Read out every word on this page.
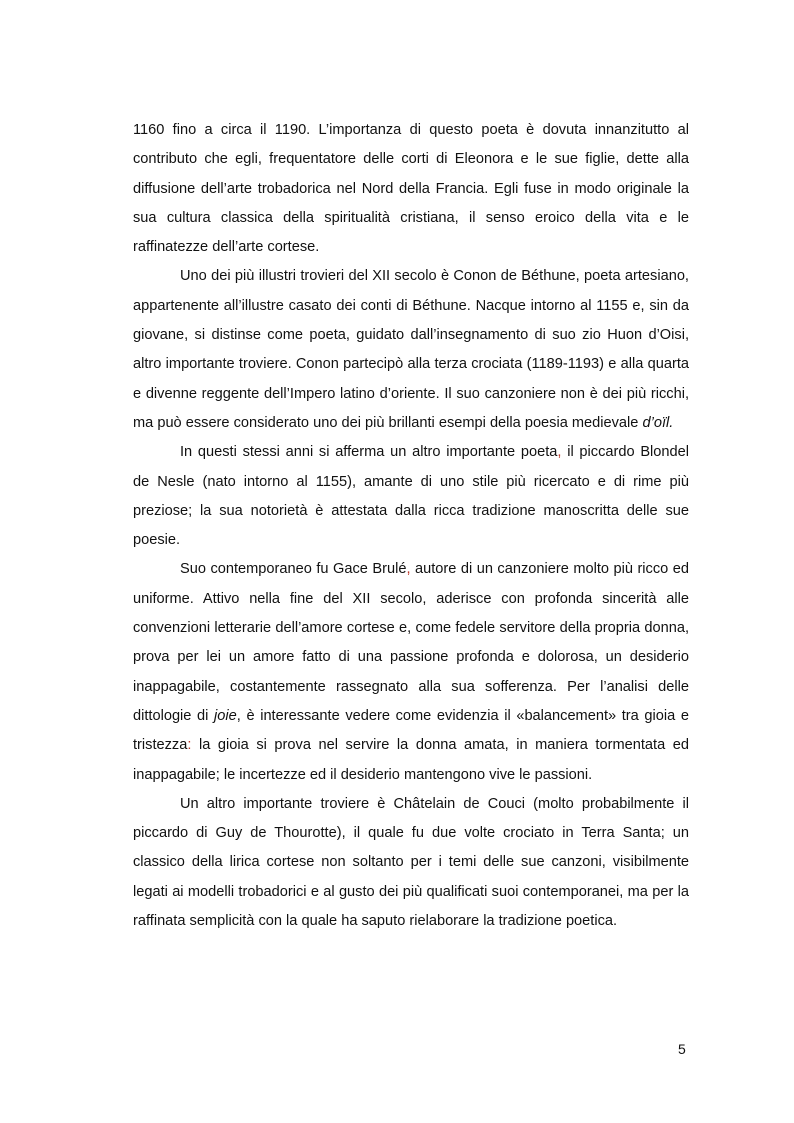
1160 fino a circa il 1190. L’importanza di questo poeta è dovuta innanzitutto al contributo che egli, frequentatore delle corti di Eleonora e le sue figlie, dette alla diffusione dell’arte trobadorica nel Nord della Francia. Egli fuse in modo originale la sua cultura classica della spiritualità cristiana, il senso eroico della vita e le raffinatezze dell’arte cortese.

Uno dei più illustri trovieri del XII secolo è Conon de Béthune, poeta artesiano, appartenente all’illustre casato dei conti di Béthune. Nacque intorno al 1155 e, sin da giovane, si distinse come poeta, guidato dall’insegnamento di suo zio Huon d’Oisi, altro importante troviere. Conon partecipò alla terza crociata (1189-1193) e alla quarta e divenne reggente dell’Impero latino d’oriente. Il suo canzoniere non è dei più ricchi, ma può essere considerato uno dei più brillanti esempi della poesia medievale d’oïl.

In questi stessi anni si afferma un altro importante poeta, il piccardo Blondel de Nesle (nato intorno al 1155), amante di uno stile più ricercato e di rime più preziose; la sua notorietà è attestata dalla ricca tradizione manoscritta delle sue poesie.

Suo contemporaneo fu Gace Brulé, autore di un canzoniere molto più ricco ed uniforme. Attivo nella fine del XII secolo, aderisce con profonda sincerità alle convenzioni letterarie dell’amore cortese e, come fedele servitore della propria donna, prova per lei un amore fatto di una passione profonda e dolorosa, un desiderio inappagabile, costantemente rassegnato alla sua sofferenza. Per l’analisi delle dittologie di joie, è interessante vedere come evidenzia il «balancement» tra gioia e tristezza: la gioia si prova nel servire la donna amata, in maniera tormentata ed inappagabile; le incertezze ed il desiderio mantengono vive le passioni.

Un altro importante troviere è Châtelain de Couci (molto probabilmente il piccardo di Guy de Thourotte), il quale fu due volte crociato in Terra Santa; un classico della lirica cortese non soltanto per i temi delle sue canzoni, visibilmente legati ai modelli trobadorici e al gusto dei più qualificati suoi contemporanei, ma per la raffinata semplicità con la quale ha saputo rielaborare la tradizione poetica.

5
